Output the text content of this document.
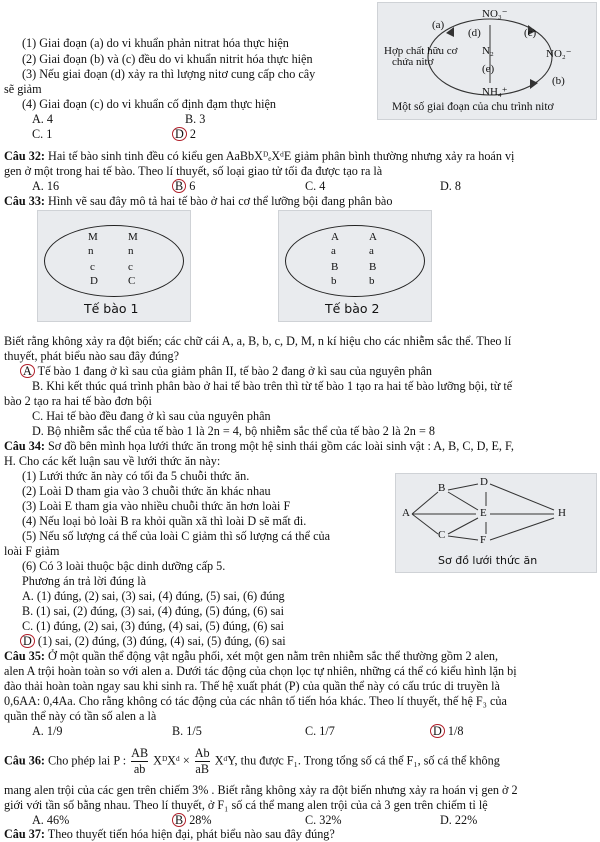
(1) Giai đoạn (a) do vi khuẩn phản nitrat hóa thực hiện
(2) Giai đoạn (b) và (c) đều do vi khuẩn nitrit hóa thực hiện
(3) Nếu giai đoạn (d) xảy ra thì lượng nitơ cung cấp cho cây
sẽ giảm
(4) Giai đoạn (c) do vi khuẩn cố định đạm thực hiện
A. 4	B. 3
C. 1	D 2
NO₃⁻
(a)
(d)	(c)
Hợp chất hữu cơ
chứa nitơ
N₂	NO₂⁻
(e)
(b)
NH₄⁺
Một số giai đoạn của chu trình nitơ
Câu 32: Hai tế bào sinh tinh đều có kiểu gen AaBbXᴰₑXᵈE giảm phân bình thường nhưng xảy ra hoán vị
gen ở một trong hai tế bào. Theo lí thuyết, số loại giao tử tối đa được tạo ra là
A. 16	B 6	C. 4	D. 8
Câu 33: Hình vẽ sau đây mô tả hai tế bào ở hai cơ thể lưỡng bội đang phân bào
M	M
n	n
c	c
D	C
Tế bào 1
A	A
a	a
B	B
b	b
Tế bào 2
Biết rằng không xảy ra đột biến; các chữ cái A, a, B, b, c, D, M, n kí hiệu cho các nhiễm sắc thể. Theo lí
thuyết, phát biểu nào sau đây đúng?
A Tế bào 1 đang ở kì sau của giảm phân II, tế bào 2 đang ở kì sau của nguyên phân
B. Khi kết thúc quá trình phân bào ở hai tế bào trên thì từ tế bào 1 tạo ra hai tế bào lưỡng bội, từ tế
bào 2 tạo ra hai tế bào đơn bội
C. Hai tế bào đều đang ở kì sau của nguyên phân
D. Bộ nhiễm sắc thể của tế bào 1 là 2n = 4, bộ nhiễm sắc thể của tế bào 2 là 2n = 8
Câu 34: Sơ đồ bên mình họa lưới thức ăn trong một hệ sinh thái gồm các loài sinh vật : A, B, C, D, E, F,
H. Cho các kết luận sau về lưới thức ăn này:
(1) Lưới thức ăn này có tối đa 5 chuỗi thức ăn.
(2) Loài D tham gia vào 3 chuỗi thức ăn khác nhau
(3) Loài E tham gia vào nhiều chuỗi thức ăn hơn loài F
(4) Nếu loại bỏ loài B ra khỏi quần xã thì loài D sẽ mất đi.
(5) Nếu số lượng cá thể của loài C giảm thì số lượng cá thể của
loài F giảm
(6) Có 3 loài thuộc bậc dinh dưỡng cấp 5.
Phương án trả lời đúng là
A. (1) đúng, (2) sai, (3) sai, (4) đúng, (5) sai, (6) đúng
B. (1) sai, (2) đúng, (3) sai, (4) đúng, (5) đúng, (6) sai
C. (1) đúng, (2) sai, (3) đúng, (4) sai, (5) đúng, (6) sai
D (1) sai, (2) đúng, (3) đúng, (4) sai, (5) đúng, (6) sai
A
B
C
D
E
F
H
Sơ đồ lưới thức ăn
Câu 35: Ở một quần thể động vật ngẫu phối, xét một gen nằm trên nhiễm sắc thể thường gồm 2 alen,
alen A trội hoàn toàn so với alen a. Dưới tác động của chọn lọc tự nhiên, những cá thể có kiểu hình lặn bị
đào thải hoàn toàn ngay sau khi sinh ra. Thế hệ xuất phát (P) của quần thể này có cấu trúc di truyền là
0,6AA: 0,4Aa. Cho rằng không có tác động của các nhân tố tiến hóa khác. Theo lí thuyết, thế hệ F₃ của
quần thể này có tần số alen a là
A. 1/9	B. 1/5	C. 1/7	D 1/8
Câu 36: Cho phép lai P : $\frac{AB}{ab}$ XᴰXᵈ × $\frac{Ab}{aB}$ XᵈY, thu được F₁. Trong tổng số cá thể F₁, số cá thể không
mang alen trội của các gen trên chiếm 3% . Biết rằng không xảy ra đột biến nhưng xảy ra hoán vị gen ở 2
giới với tần số bằng nhau. Theo lí thuyết, ở F₁ số cá thể mang alen trội của cả 3 gen trên chiếm tỉ lệ
A. 46%	B 28%	C. 32%	D. 22%
Câu 37: Theo thuyết tiến hóa hiện đại, phát biểu nào sau đây đúng?
